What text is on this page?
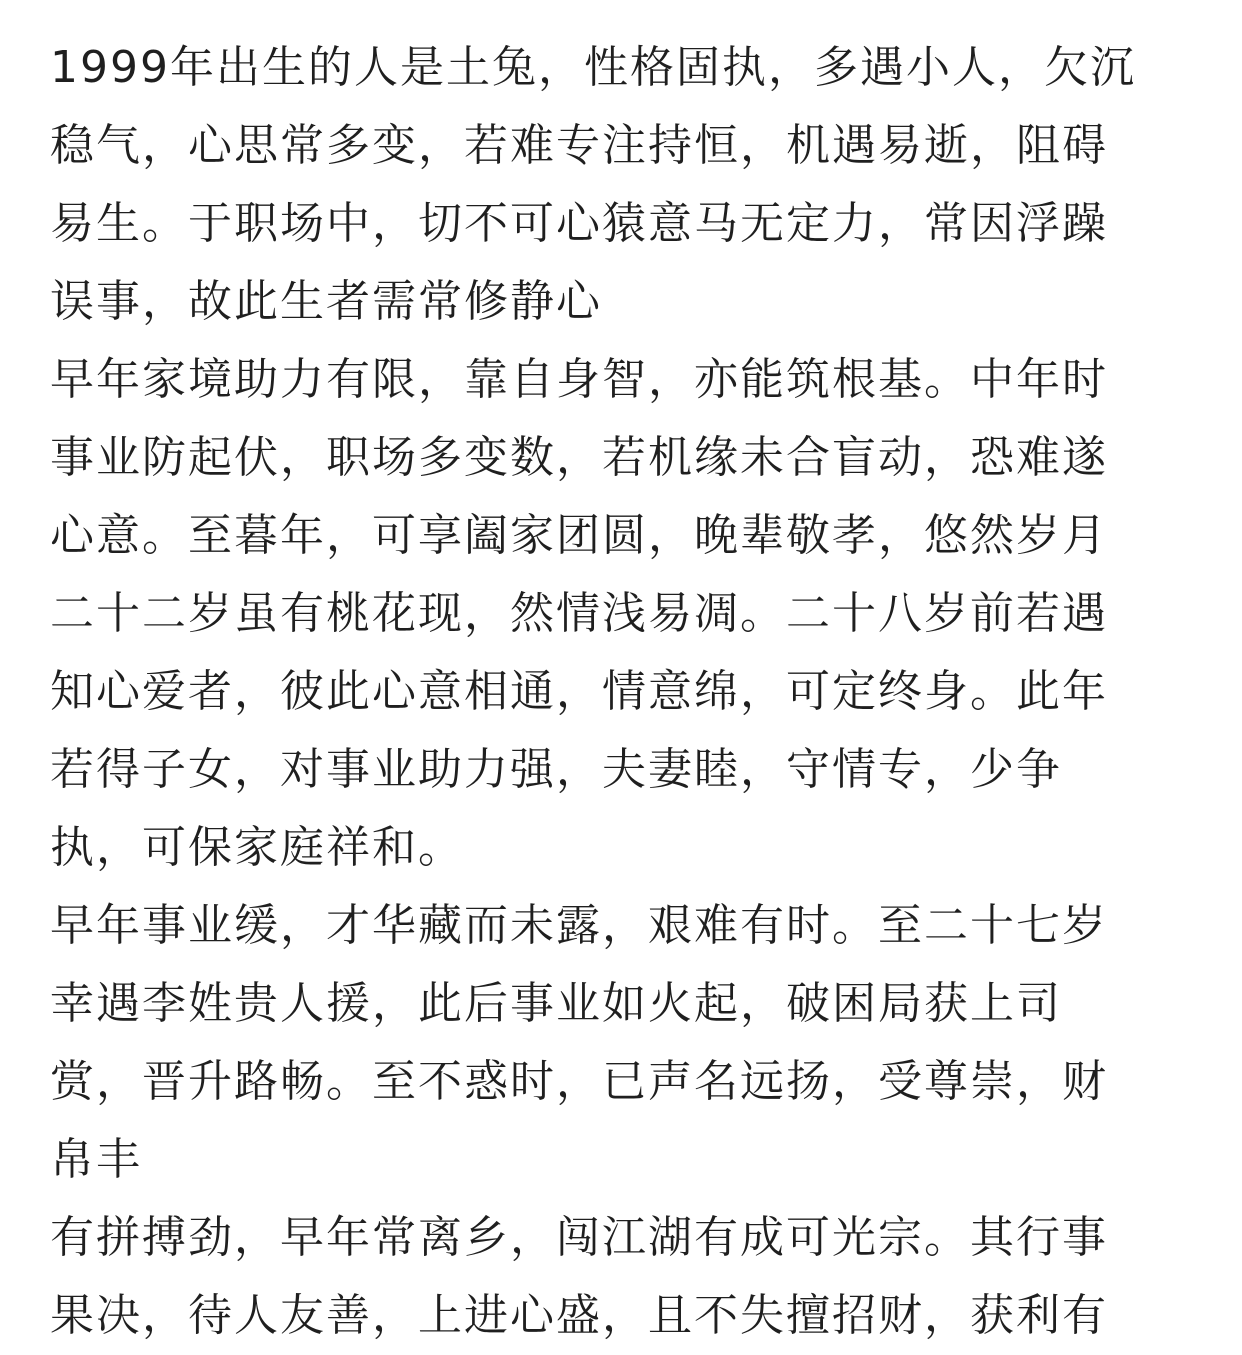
1999年出生的人是土兔，性格固执，多遇小人，欠沉
稳气，心思常多变，若难专注持恒，机遇易逝，阻碍
易生。于职场中，切不可心猿意马无定力，常因浮躁
误事，故此生者需常修静心
早年家境助力有限，靠自身智，亦能筑根基。中年时
事业防起伏，职场多变数，若机缘未合盲动，恐难遂
心意。至暮年，可享阖家团圆，晚辈敬孝，悠然岁月
二十二岁虽有桃花现，然情浅易凋。二十八岁前若遇
知心爱者，彼此心意相通，情意绵，可定终身。此年
若得子女，对事业助力强，夫妻睦，守情专，少争
执，可保家庭祥和。
早年事业缓，才华藏而未露，艰难有时。至二十七岁
幸遇李姓贵人援，此后事业如火起，破困局获上司
赏，晋升路畅。至不惑时，已声名远扬，受尊崇，财
帛丰
有拼搏劲，早年常离乡，闯江湖有成可光宗。其行事
果决，待人友善，上进心盛，且不失擅招财，获利有
